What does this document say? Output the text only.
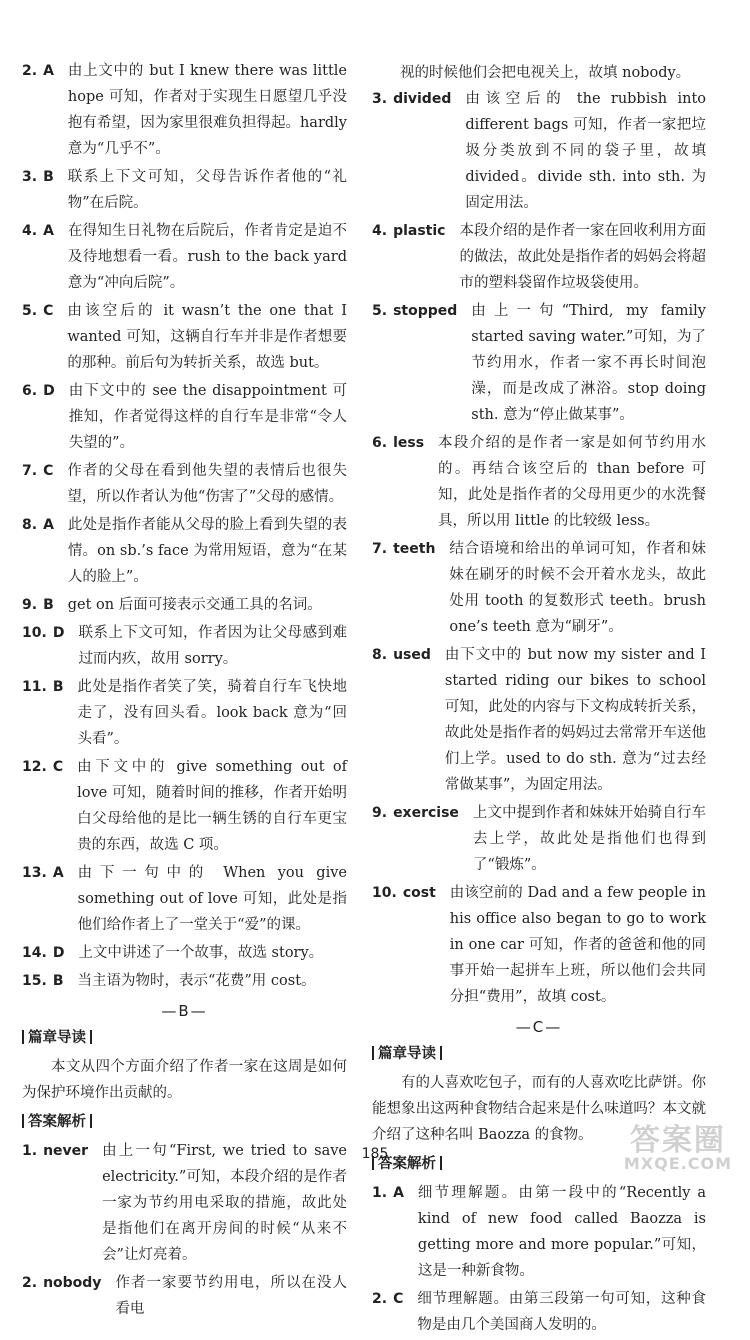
2. A 由上文中的 but I knew there was little hope 可知，作者对于实现生日愿望几乎没抱有希望，因为家里很难负担得起。hardly 意为“几乎不”。
3. B 联系上下文可知，父母告诉作者他的“礼物”在后院。
4. A 在得知生日礼物在后院后，作者肯定是迫不及待地想看一看。rush to the back yard 意为“冲向后院”。
5. C 由该空后的 it wasn’t the one that I wanted 可知，这辆自行车并非是作者想要的那种。前后句为转折关系，故选 but。
6. D 由下文中的 see the disappointment 可推知，作者觉得这样的自行车是非常“令人失望的”。
7. C 作者的父母在看到他失望的表情后也很失望，所以作者认为他“伤害了”父母的感情。
8. A 此处是指作者能从父母的脸上看到失望的表情。on sb.’s face 为常用短语，意为“在某人的脸上”。
9. B get on 后面可接表示交通工具的名词。
10. D 联系上下文可知，作者因为让父母感到难过而内疚，故用 sorry。
11. B 此处是指作者笑了笑，骑着自行车飞快地走了，没有回头看。look back 意为“回头看”。
12. C 由下文中的 give something out of love 可知，随着时间的推移，作者开始明白父母给他的是比一辆生锈的自行车更宝贵的东西，故选 C 项。
13. A 由下一句中的 When you give something out of love 可知，此处是指他们给作者上了一堂关于“爱”的课。
14. D 上文中讲述了一个故事，故选 story。
15. B 当主语为物时，表示“花费”用 cost。
—B—
篇章导读
本文从四个方面介绍了作者一家在这周是如何为保护环境作出贡献的。
答案解析
1. never 由上一句“First, we tried to save electricity.”可知，本段介绍的是作者一家为节约用电采取的措施，故此处是指他们在离开房间的时候“从来不会”让灯亮着。
2. nobody 作者一家要节约用电，所以在没人看电
视的时候他们会把电视关上，故填 nobody。
3. divided 由该空后的 the rubbish into different bags 可知，作者一家把垃圾分类放到不同的袋子里，故填 divided。divide sth. into sth. 为固定用法。
4. plastic 本段介绍的是作者一家在回收利用方面的做法，故此处是指作者的妈妈会将超市的塑料袋留作垃圾袋使用。
5. stopped 由上一句“Third, my family started saving water.”可知，为了节约用水，作者一家不再长时间泡澡，而是改成了淋浴。stop doing sth. 意为“停止做某事”。
6. less 本段介绍的是作者一家是如何节约用水的。再结合该空后的 than before 可知，此处是指作者的父母用更少的水洗餐具，所以用 little 的比较级 less。
7. teeth 结合语境和给出的单词可知，作者和妹妹在刷牙的时候不会开着水龙头，故此处用 tooth 的复数形式 teeth。brush one’s teeth 意为“刷牙”。
8. used 由下文中的 but now my sister and I started riding our bikes to school 可知，此处的内容与下文构成转折关系，故此处是指作者的妈妈过去常常开车送他们上学。used to do sth. 意为“过去经常做某事”，为固定用法。
9. exercise 上文中提到作者和妹妹开始骑自行车去上学，故此处是指他们也得到了“锻炼”。
10. cost 由该空前的 Dad and a few people in his office also began to go to work in one car 可知，作者的爸爸和他的同事开始一起拼车上班，所以他们会共同分担“费用”，故填 cost。
—C—
篇章导读
有的人喜欢吃包子，而有的人喜欢吃比萨饼。你能想象出这两种食物结合起来是什么味道吗？本文就介绍了这种名叫 Baozza 的食物。
答案解析
1. A 细节理解题。由第一段中的“Recently a kind of new food called Baozza is getting more and more popular.”可知，这是一种新食物。
2. C 细节理解题。由第三段第一句可知，这种食物是由几个美国商人发明的。
185	答案圈
MXQE.COM
